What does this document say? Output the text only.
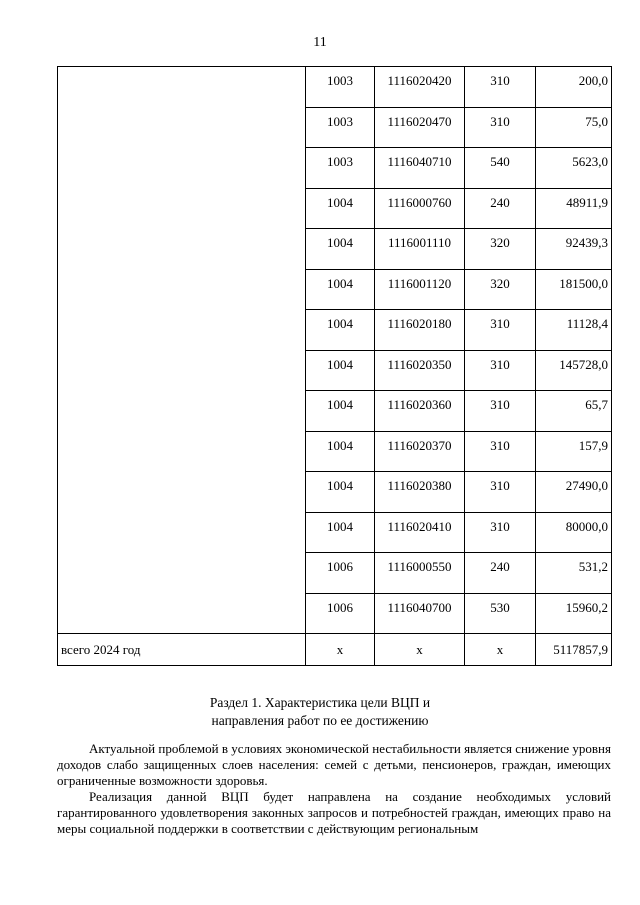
11
	1003	1116020420	310	200,0
	1003	1116020470	310	75,0
	1003	1116040710	540	5623,0
	1004	1116000760	240	48911,9
	1004	1116001110	320	92439,3
	1004	1116001120	320	181500,0
	1004	1116020180	310	11128,4
	1004	1116020350	310	145728,0
	1004	1116020360	310	65,7
	1004	1116020370	310	157,9
	1004	1116020380	310	27490,0
	1004	1116020410	310	80000,0
	1006	1116000550	240	531,2
	1006	1116040700	530	15960,2
всего 2024 год	х	х	х	5117857,9
Раздел 1. Характеристика цели ВЦП и
направления работ по ее достижению

Актуальной проблемой в условиях экономической нестабильности является снижение уровня доходов слабо защищенных слоев населения: семей с детьми, пенсионеров, граждан, имеющих ограниченные возможности здоровья.

Реализация данной ВЦП будет направлена на создание необходимых условий гарантированного удовлетворения законных запросов и потребностей граждан, имеющих право на меры социальной поддержки в соответствии с действующим региональным
